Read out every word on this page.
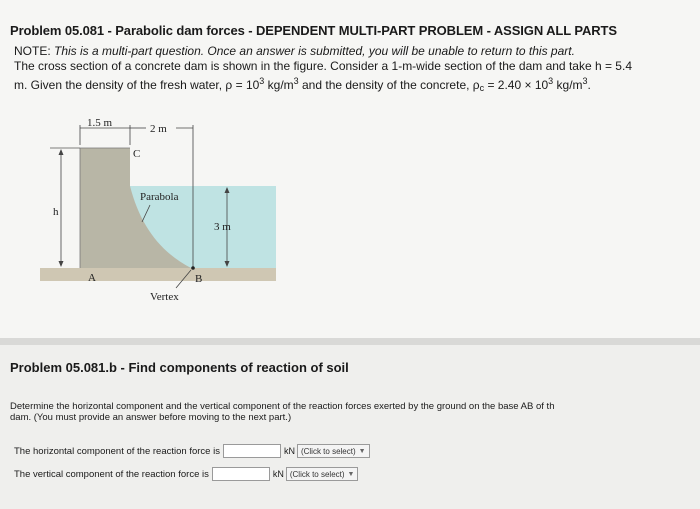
Problem 05.081 - Parabolic dam forces - DEPENDENT MULTI-PART PROBLEM - ASSIGN ALL PARTS
NOTE: This is a multi-part question. Once an answer is submitted, you will be unable to return to this part.
The cross section of a concrete dam is shown in the figure. Consider a 1-m-wide section of the dam and take h = 5.4
m. Given the density of the fresh water, $\rho = 10^3$ $kg/m^3$ and the density of the concrete, $\rho_c = 2.40 \times 10^3$ $kg/m^3$.
1.5 m	2 m
C
Parabola
h
3 m
A	B
Vertex
Problem 05.081.b - Find components of reaction of soil
Determine the horizontal component and the vertical component of the reaction forces exerted by the ground on the base AB of th
dam. (You must provide an answer before moving to the next part.)
The horizontal component of the reaction force is	kN (Click to select) ▼
The vertical component of the reaction force is	kN (Click to select) ▼
